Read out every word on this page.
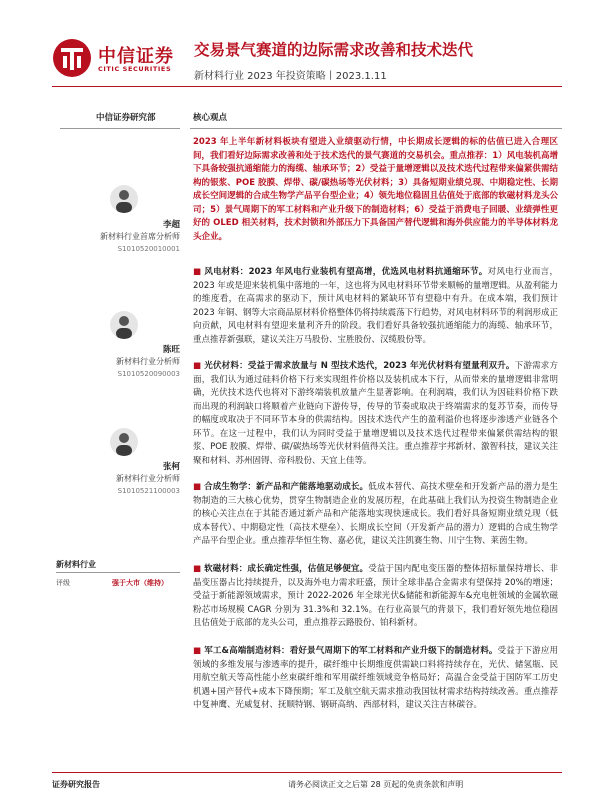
中信证券
CITIC SECURITIES
交易景气赛道的边际需求改善和技术迭代
新材料行业 2023 年投资策略丨2023.1.11
中信证券研究部
李超
新材料行业首席分析师
S1010520010001
陈旺
新材料行业分析师
S1010520090003
张柯
新材料行业分析师
S1010521100003
新材料行业
评级	强于大市（维持）
核心观点

2023 年上半年新材料板块有望进入业绩驱动行情，中长期成长逻辑的标的估值已进入合理区间，我们看好边际需求改善和处于技术迭代的景气赛道的交易机会。重点推荐：1）风电装机高增下具备较强抗通缩能力的海缆、轴承环节；2）受益于量增逻辑以及技术迭代过程带来偏紧供需结构的银浆、POE 胶膜、焊带、碳/碳热场等光伏材料；3）具备短期业绩兑现、中期稳定性、长期成长空间逻辑的合成生物学产品平台型企业；4）领先地位稳固且估值处于底部的软磁材料龙头公司；5）景气周期下的军工材料和产业升级下的制造材料；6）受益于消费电子回暖、业绩弹性更好的 OLED 相关材料，技术封锁和外部压力下具备国产替代逻辑和海外供应能力的半导体材料龙头企业。

■ 风电材料：2023 年风电行业装机有望高增，优选风电材料抗通缩环节。对风电行业而言，2023 年或是迎来装机集中落地的一年，这也将为风电材料环节带来顺畅的量增逻辑。从盈利能力的维度看，在高需求的驱动下，预计风电材料的紧缺环节有望稳中有升。在成本端，我们预计 2023 年铜、钢等大宗商品原材料价格整体仍将持续震荡下行趋势，对风电材料环节的利润形成正向贡献，风电材料有望迎来量利齐升的阶段。我们看好具备较强抗通缩能力的海缆、轴承环节，重点推荐新强联，建议关注万马股份、宝胜股份、汉缆股份等。

■ 光伏材料：受益于需求放量与 N 型技术迭代，2023 年光伏材料有望量利双升。下游需求方面，我们认为通过硅料价格下行来实现组件价格以及装机成本下行，从而带来的量增逻辑非常明确，光伏技术迭代也将对下游终端装机放量产生显著影响。在利润端，我们认为因硅料价格下跌而出现的利润缺口将顺着产业链向下游传导，传导的节奏或取决于终端需求的复苏节奏，而传导的幅度或取决于不同环节本身的供需结构。因技术迭代产生的盈利溢价也将逐步渗透产业链各个环节。在这一过程中，我们认为同时受益于量增逻辑以及技术迭代过程带来偏紧供需结构的银浆、POE 胶膜、焊带、碳/碳热场等光伏材料值得关注。重点推荐宇邦新材、激智科技，建议关注聚和材料、苏州固锝、帝科股份、天宜上佳等。

■ 合成生物学：新产品和产能落地驱动成长。低成本替代、高技术壁垒和开发新产品的潜力是生物制造的三大核心优势，贯穿生物制造企业的发展历程，在此基础上我们认为投资生物制造企业的核心关注点在于其能否通过新产品和产能落地实现快速成长。我们看好具备短期业绩兑现（低成本替代）、中期稳定性（高技术壁垒）、长期成长空间（开发新产品的潜力）逻辑的合成生物学产品平台型企业。重点推荐华恒生物、嘉必优，建议关注凯赛生物、川宁生物、莱茵生物。

■ 软磁材料：成长确定性强，估值足够便宜。受益于国内配电变压器的整体招标量保持增长、非晶变压器占比持续提升，以及海外电力需求旺盛，预计全球非晶合金需求有望保持 20%的增速；受益于新能源领域需求，预计 2022-2026 年全球光伏&储能和新能源车&充电桩领域的金属软磁粉芯市场规模 CAGR 分别为 31.3%和 32.1%。在行业高景气的背景下，我们看好领先地位稳固且估值处于底部的龙头公司，重点推荐云路股份、铂科新材。

■ 军工&高端制造材料：看好景气周期下的军工材料和产业升级下的制造材料。受益于下游应用领域的多维发展与渗透率的提升，碳纤维中长期维度供需缺口料将持续存在，光伏、储氢瓶、民用航空航天等高性能小丝束碳纤维和军用碳纤维领域竞争格局好；高温合金受益于国防军工历史机遇+国产替代+成本下降预期；军工及航空航天需求推动我国钛材需求结构持续改善。重点推荐中复神鹰、光威复材、抚顺特钢、钢研高纳、西部材料，建议关注吉林碳谷。

证券研究报告	请务必阅读正文之后第 28 页起的免责条款和声明
